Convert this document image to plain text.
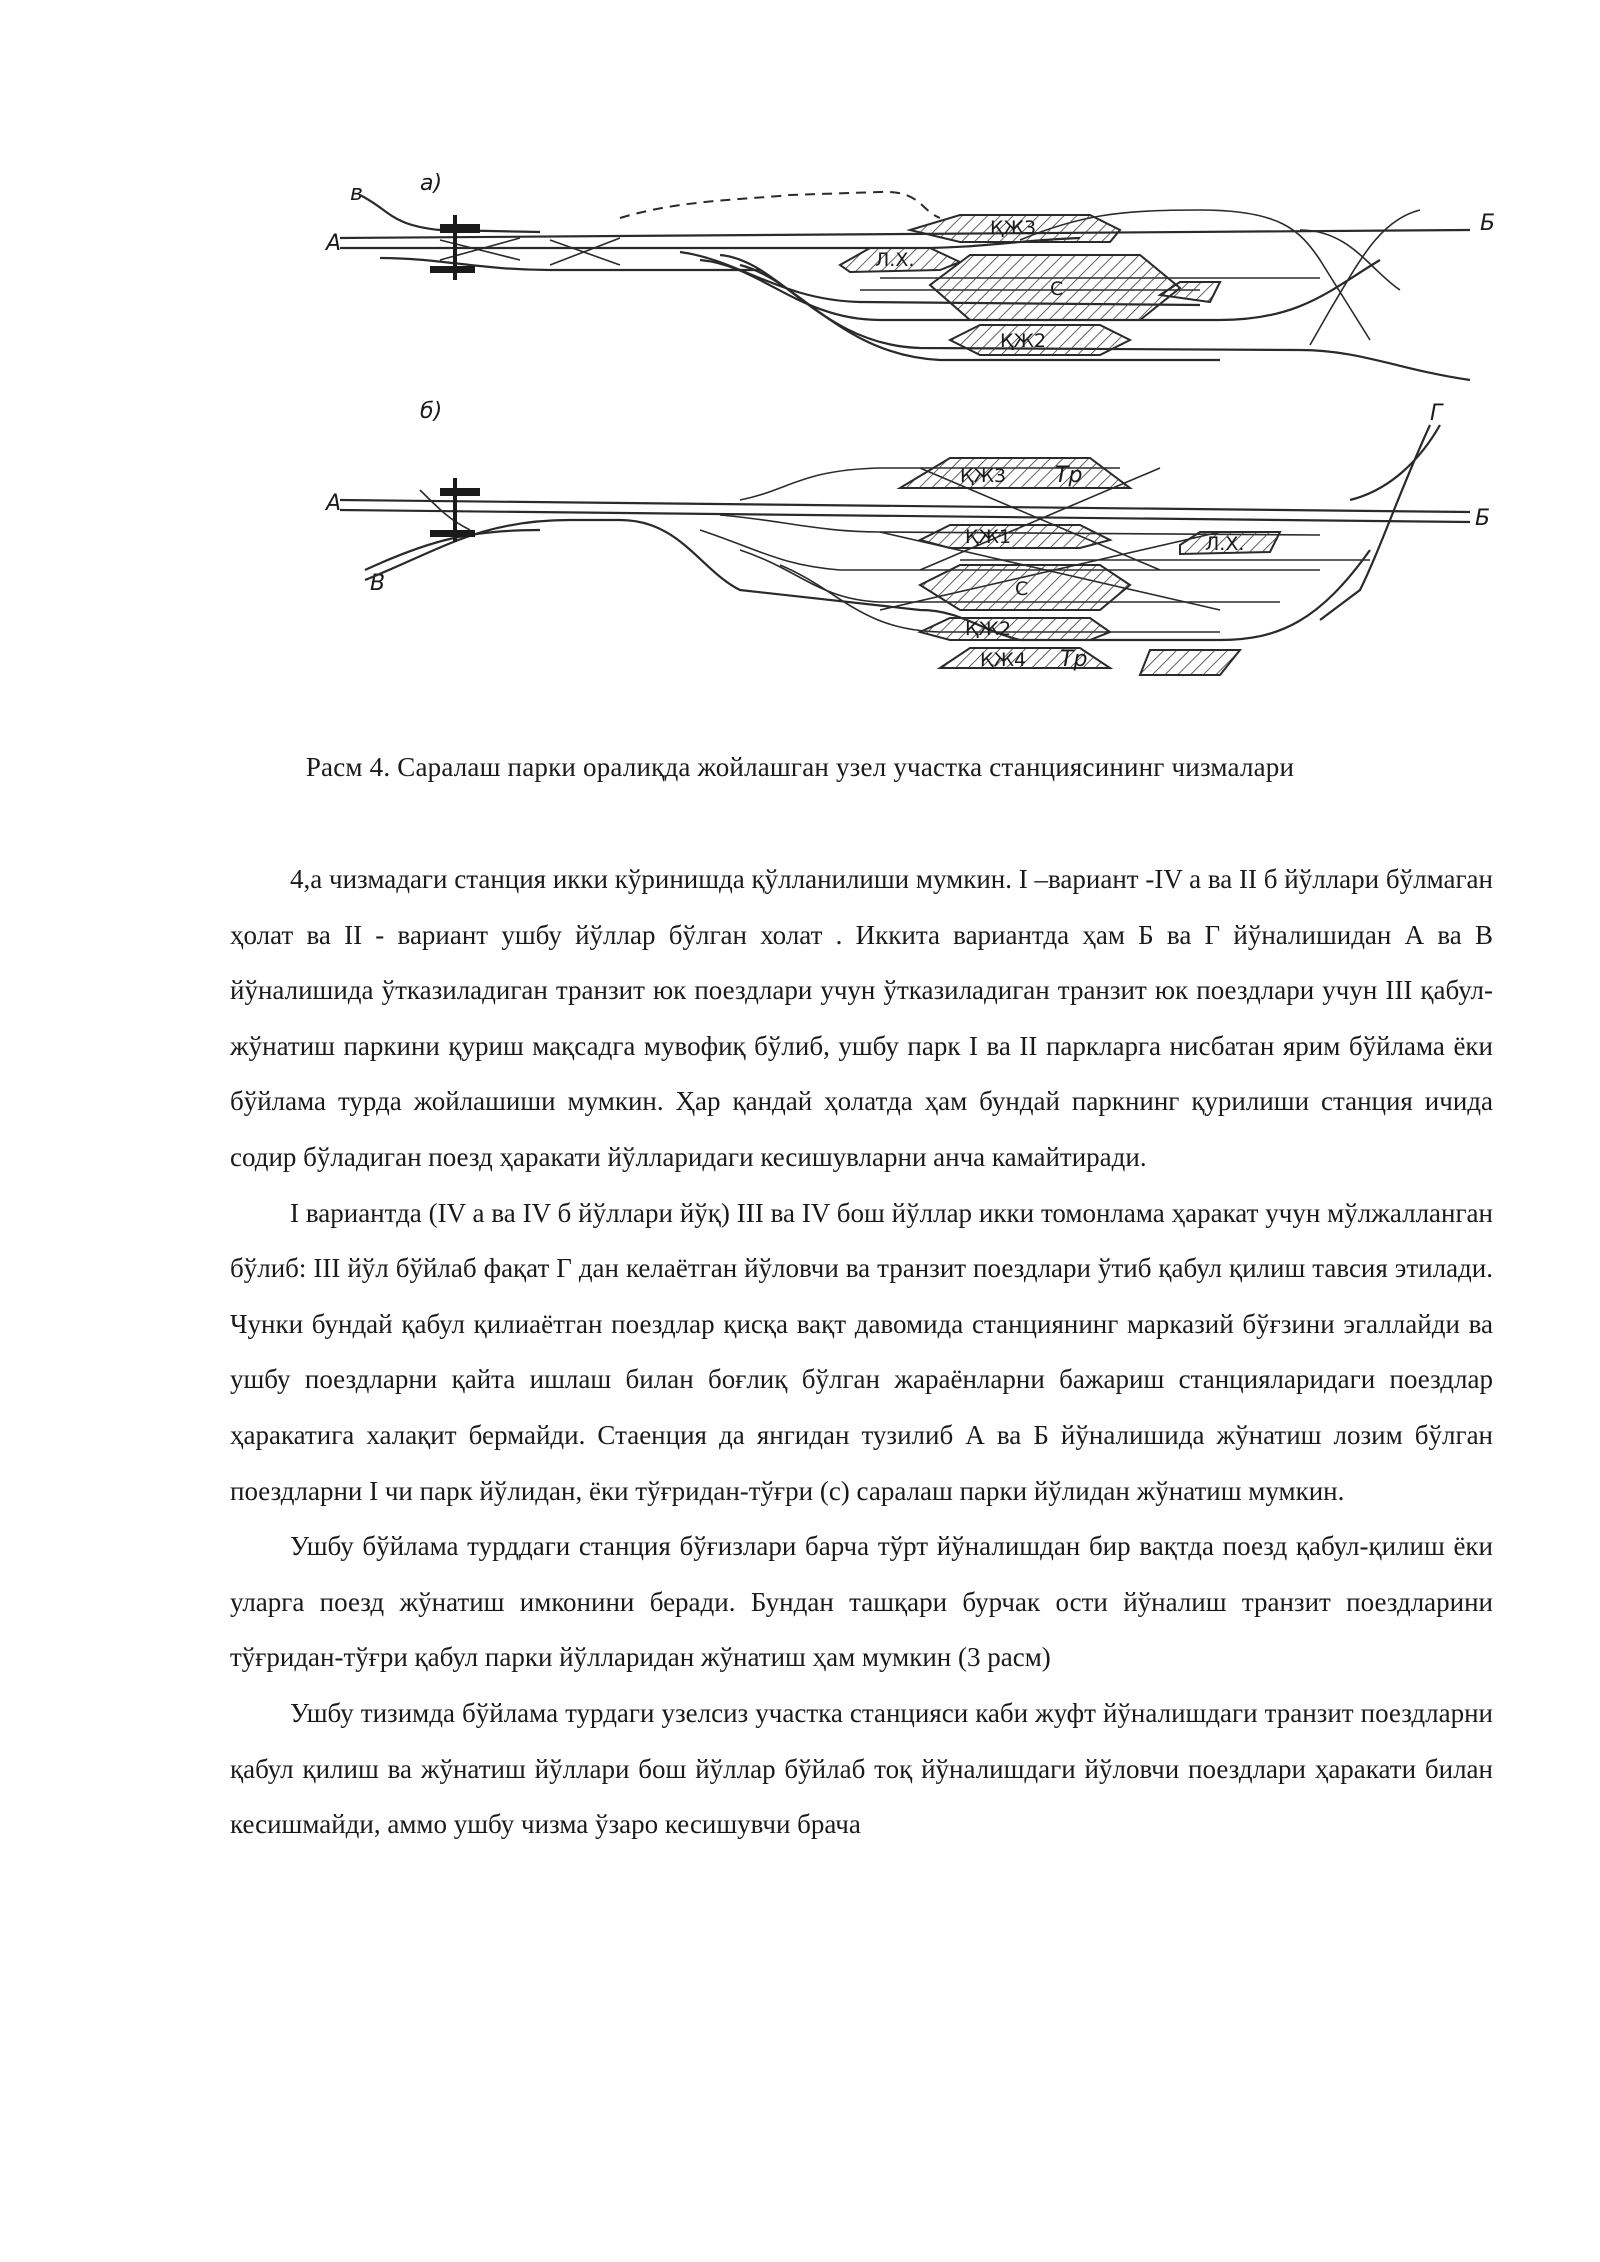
а)
в
А
Б
ҚЖ3
Л.Х.
С
ҚЖ2
б)
А
В
Г
Б
ҚЖ3 Тр
ҚЖ1	Л.Х.
С
ҚЖ2
ҚЖ4 Тр
Расм 4. Саралаш парки оралиқда жойлашган узел участка станциясининг чизмалари

4,а чизмадаги станция икки кўринишда қўлланилиши мумкин. I –вариант -IV а ва II б йўллари бўлмаган ҳолат ва II - вариант ушбу йўллар бўлган холат . Иккита вариантда ҳам Б ва Г йўналишидан А ва В йўналишида ўтказиладиган транзит юк поездлари учун ўтказиладиган транзит юк поездлари учун III қабул- жўнатиш паркини қуриш мақсадга мувофиқ бўлиб, ушбу парк I ва II паркларга нисбатан ярим бўйлама ёки бўйлама турда жойлашиши мумкин. Ҳар қандай ҳолатда ҳам бундай паркнинг қурилиши станция ичида содир бўладиган поезд ҳаракати йўлларидаги кесишувларни анча камайтиради.

I вариантда (IV а ва IV б йўллари йўқ) III ва IV бош йўллар икки томонлама ҳаракат учун мўлжалланган бўлиб: III йўл бўйлаб фақат Г дан келаётган йўловчи ва транзит поездлари ўтиб қабул қилиш тавсия этилади. Чунки бундай қабул қилиаётган поездлар қисқа вақт давомида станциянинг марказий бўғзини эгаллайди ва ушбу поездларни қайта ишлаш билан боғлиқ бўлган жараёнларни бажариш станцияларидаги поездлар ҳаракатига халақит бермайди. Стаенция да янгидан тузилиб А ва Б йўналишида жўнатиш лозим бўлган поездларни I чи парк йўлидан, ёки тўғридан-тўғри (с) саралаш парки йўлидан жўнатиш мумкин.

Ушбу бўйлама турддаги станция бўғизлари барча тўрт йўналишдан бир вақтда поезд қабул-қилиш ёки уларга поезд жўнатиш имконини беради. Бундан ташқари бурчак ости йўналиш транзит поездларини тўғридан-тўғри қабул парки йўлларидан жўнатиш ҳам мумкин (3 расм)

Ушбу тизимда бўйлама турдаги узелсиз участка станцияси каби жуфт йўналишдаги транзит поездларни қабул қилиш ва жўнатиш йўллари бош йўллар бўйлаб тоқ йўналишдаги йўловчи поездлари ҳаракати билан кесишмайди, аммо ушбу чизма ўзаро кесишувчи брача
